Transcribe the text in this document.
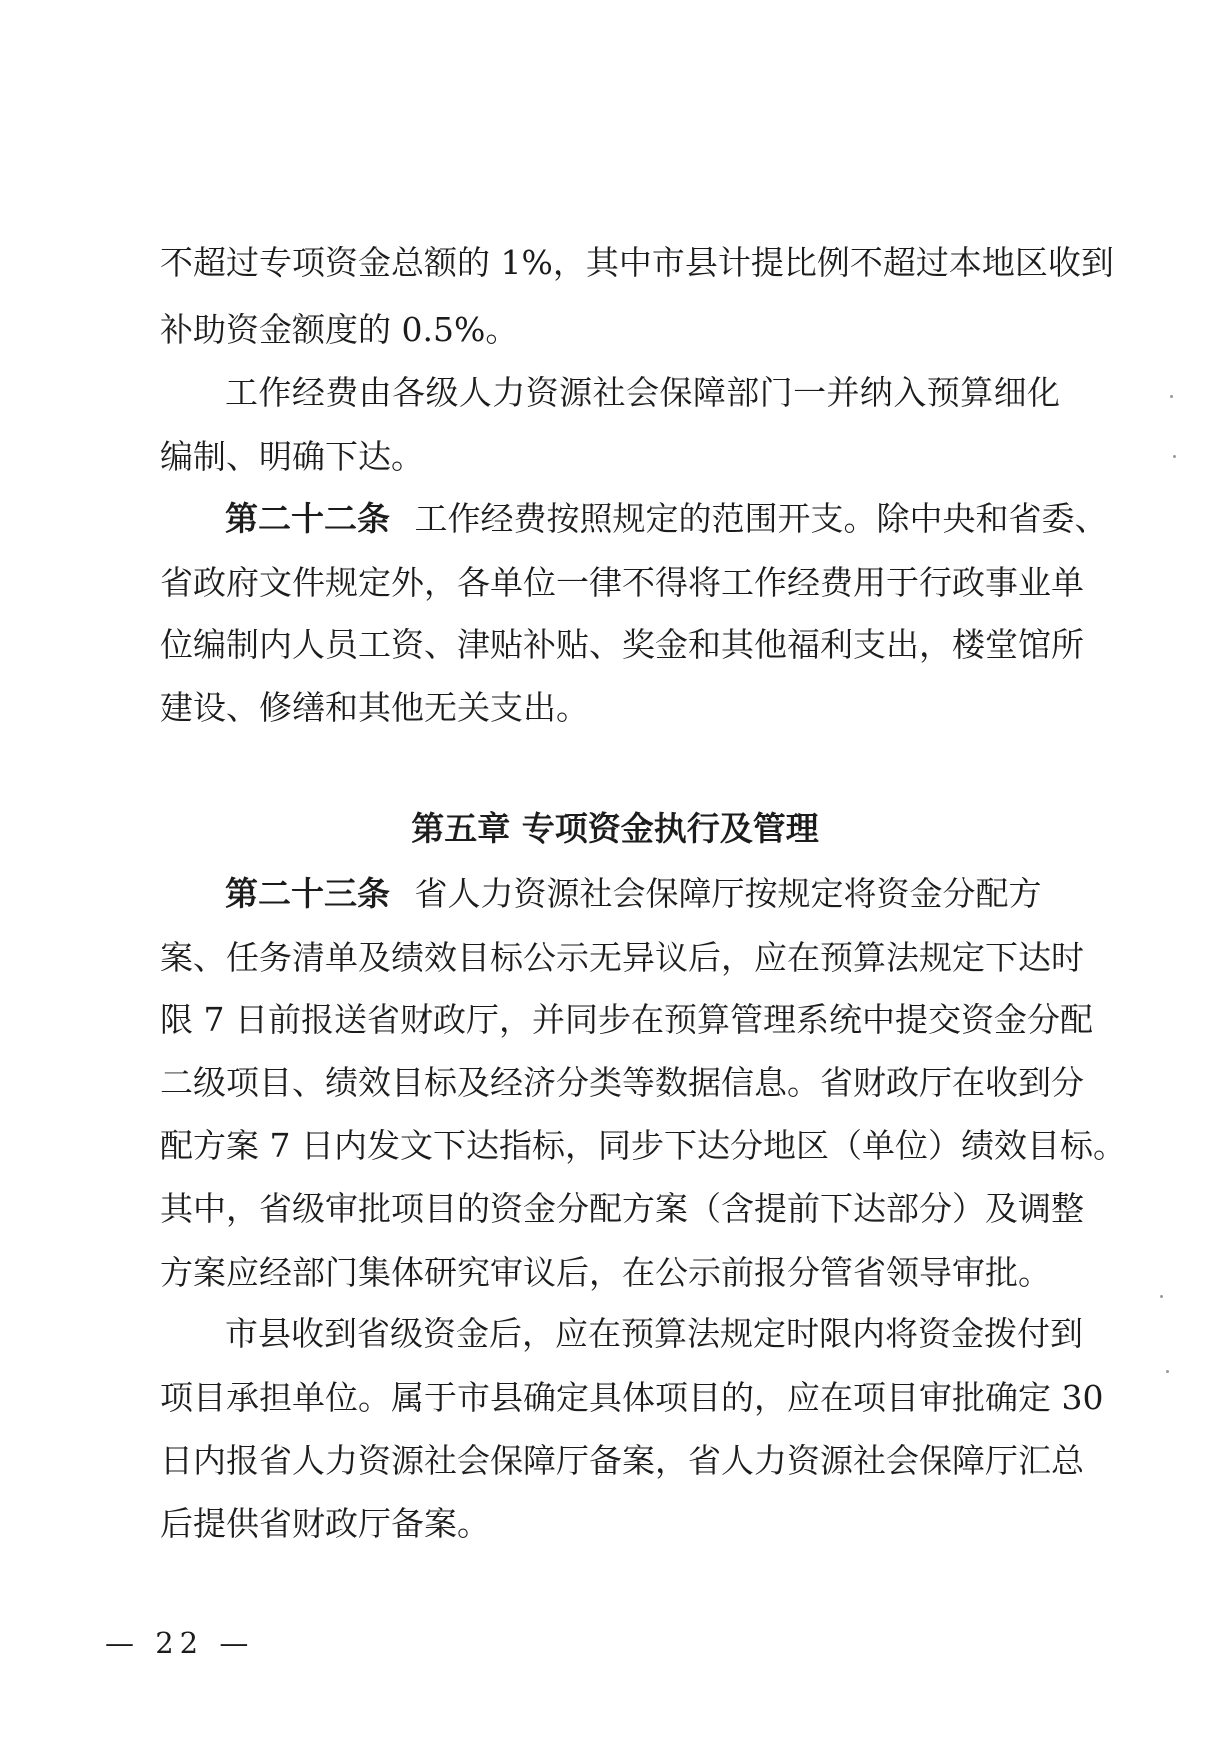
不超过专项资金总额的 1%，其中市县计提比例不超过本地区收到
补助资金额度的 0.5%。
工作经费由各级人力资源社会保障部门一并纳入预算细化
编制、明确下达。
第二十二条 工作经费按照规定的范围开支。除中央和省委、
省政府文件规定外，各单位一律不得将工作经费用于行政事业单
位编制内人员工资、津贴补贴、奖金和其他福利支出，楼堂馆所
建设、修缮和其他无关支出。
第五章 专项资金执行及管理
第二十三条 省人力资源社会保障厅按规定将资金分配方
案、任务清单及绩效目标公示无异议后，应在预算法规定下达时
限 7 日前报送省财政厅，并同步在预算管理系统中提交资金分配
二级项目、绩效目标及经济分类等数据信息。省财政厅在收到分
配方案 7 日内发文下达指标，同步下达分地区（单位）绩效目标。
其中，省级审批项目的资金分配方案（含提前下达部分）及调整
方案应经部门集体研究审议后，在公示前报分管省领导审批。
市县收到省级资金后，应在预算法规定时限内将资金拨付到
项目承担单位。属于市县确定具体项目的，应在项目审批确定 30
日内报省人力资源社会保障厅备案，省人力资源社会保障厅汇总
后提供省财政厅备案。
— 22 —
